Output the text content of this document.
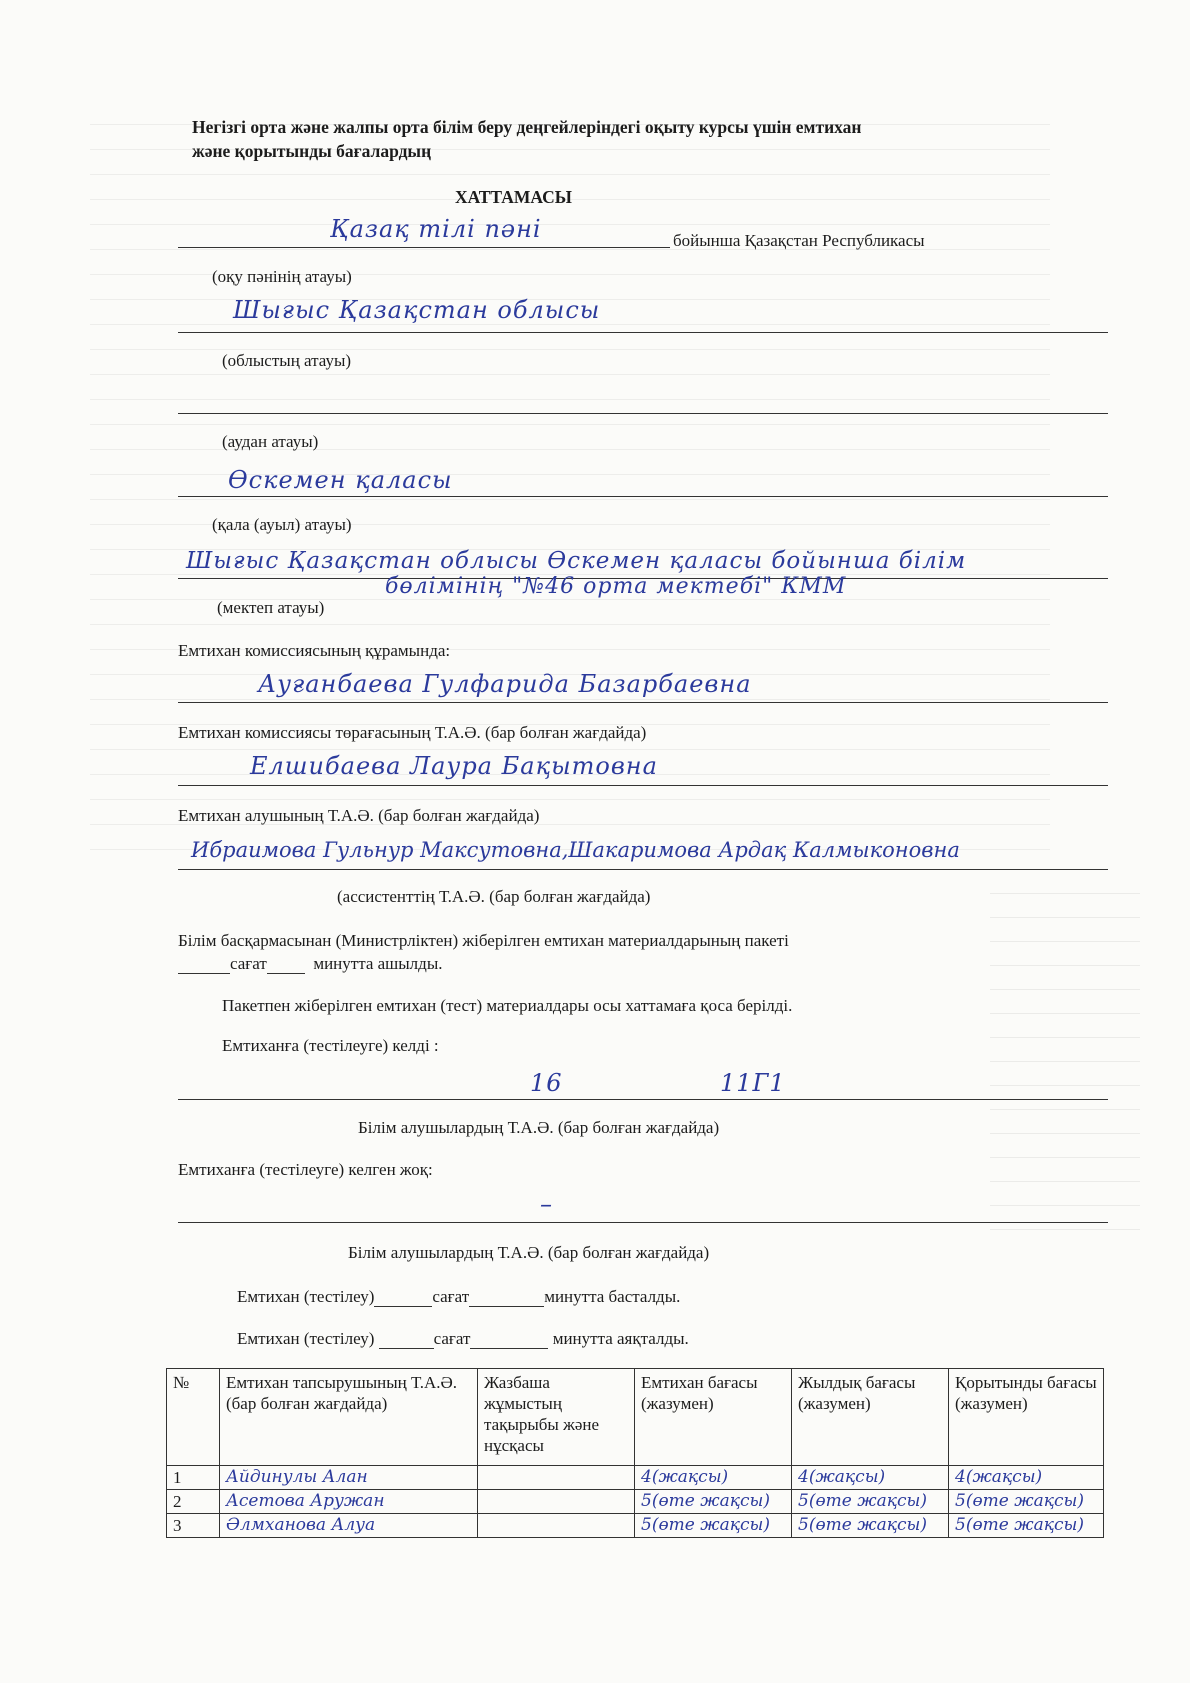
Негізгі орта және жалпы орта білім беру деңгейлеріндегі оқыту курсы үшін емтихан
және қорытынды бағалардың
ХАТТАМАСЫ
Қазақ тілі пәні	бойынша Қазақстан Республикасы
(оқу пәнінің атауы)
Шығыс Қазақстан облысы
(облыстың атауы)
(аудан атауы)
Өскемен қаласы
(қала (ауыл) атауы)
Шығыс Қазақстан облысы Өскемен қаласы бойынша білім
бөлімінің "№46 орта мектебі" КММ
(мектеп атауы)
Емтихан комиссиясының құрамында:
Ауғанбаева Гулфарида Базарбаевна
Емтихан комиссиясы төрағасының Т.А.Ә. (бар болған жағдайда)
Елшибаева Лаура Бақытовна
Емтихан алушының Т.А.Ә. (бар болған жағдайда)
Ибраимова Гульнур Максутовна,Шакаримова Ардақ Калмыконовна
(ассистенттің Т.А.Ә. (бар болған жағдайда)
Білім басқармасынан (Министрліктен) жіберілген емтихан материалдарының пакеті
сағат	минутта ашылды.
Пакетпен жіберілген емтихан (тест) материалдары осы хаттамаға қоса берілді.
Емтиханға (тестілеуге) келді :
16	11Г1
Білім алушылардың Т.А.Ә. (бар болған жағдайда)
Емтиханға (тестілеуге) келген жоқ:
–
Білім алушылардың Т.А.Ә. (бар болған жағдайда)
Емтихан (тестілеу)	сағат	минутта басталды.
Емтихан (тестілеу)	сағат	минутта аяқталды.
№	Емтихан тапсырушының Т.А.Ә. (бар болған жағдайда)	Жазбаша жұмыстың тақырыбы және нұсқасы	Емтихан бағасы (жазумен)	Жылдық бағасы (жазумен)	Қорытынды бағасы (жазумен)
1	Айдинулы Алан		4(жақсы)	4(жақсы)	4(жақсы)
2	Асетова Аружан		5(өте жақсы)	5(өте жақсы)	5(өте жақсы)
3	Әлмханова Алуа		5(өте жақсы)	5(өте жақсы)	5(өте жақсы)
